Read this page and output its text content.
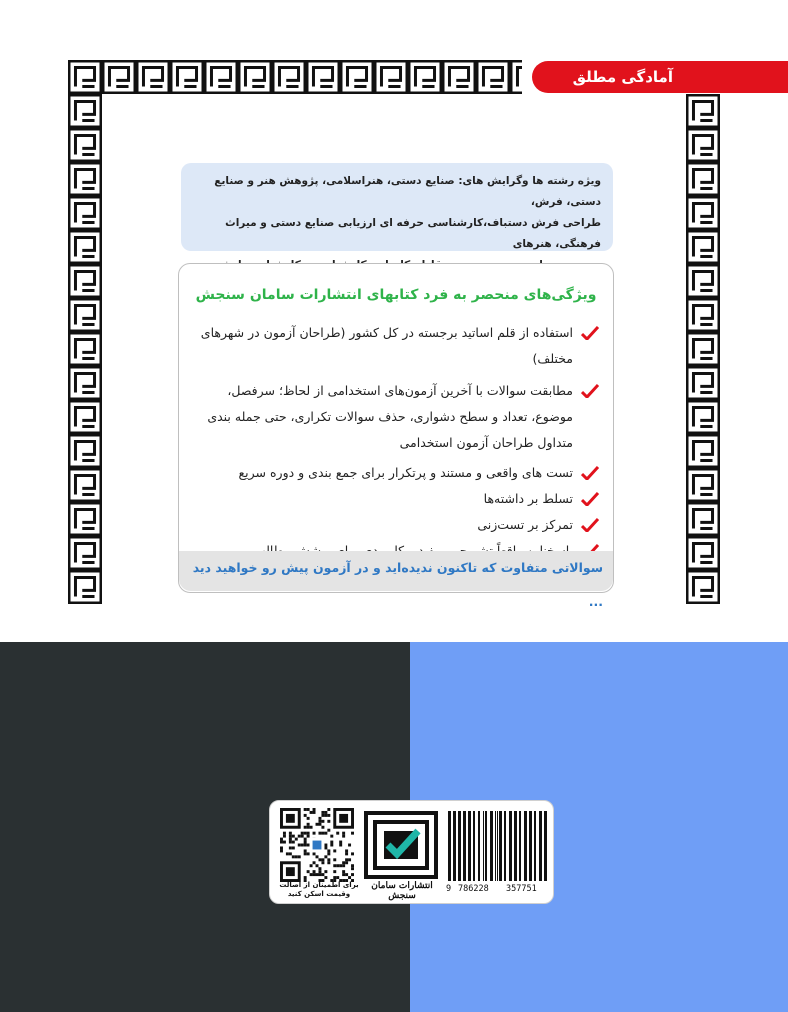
آمادگی مطلق
ویژه رشته ها وگرایش های: صنایع دستی، هنراسلامی، پژوهش هنر و صنایع دستی، فرش،
طراحی فرش دستباف،کارشناسی حرفه ای ارزیابی صنایع دستی و میراث فرهنگی، هنرهای
ویژگی‌های منحصر به فرد کتابهای انتشارات سامان سنجش
استفاده از قلم اساتید برجسته در کل کشور (طراحان آزمون در شهرهای مختلف)
مطابقت سوالات با آخرین آزمون‌های استخدامی از لحاظ؛ سرفصل، موضوع، تعداد و سطح دشواری، حذف سوالات تکراری، حتی جمله بندی متداول طراحان آزمون استخدامی
تست های واقعی و مستند و پرتکرار برای جمع بندی و دوره سریع
تسلط بر داشته‌ها
تمرکز بر تست‌زنی
سوالاتی متفاوت که تاکنون ندیده‌اید و در آزمون پیش رو خواهید دید ...
برای اطمینان از اصالت
وقیمت اسکن کنید
انتشارات سامان سنجش
9 786228 357751
